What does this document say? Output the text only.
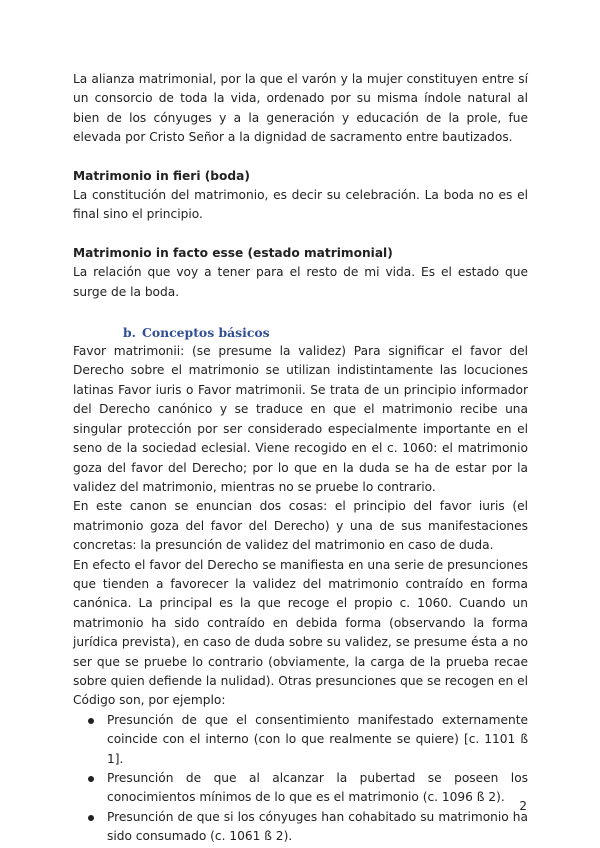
La alianza matrimonial, por la que el varón y la mujer constituyen entre sí un consorcio de toda la vida, ordenado por su misma índole natural al bien de los cónyuges y a la generación y educación de la prole, fue elevada por Cristo Señor a la dignidad de sacramento entre bautizados.

Matrimonio in fieri (boda)

La constitución del matrimonio, es decir su celebración. La boda no es el final sino el principio.

Matrimonio in facto esse (estado matrimonial)

La relación que voy a tener para el resto de mi vida. Es el estado que surge de la boda.

b. Conceptos básicos

Favor matrimonii: (se presume la validez) Para significar el favor del Derecho sobre el matrimonio se utilizan indistintamente las locuciones latinas Favor iuris o Favor matrimonii. Se trata de un principio informador del Derecho canónico y se traduce en que el matrimonio recibe una singular protección por ser considerado especialmente importante en el seno de la sociedad eclesial. Viene recogido en el c. 1060: el matrimonio goza del favor del Derecho; por lo que en la duda se ha de estar por la validez del matrimonio, mientras no se pruebe lo contrario.

En este canon se enuncian dos cosas: el principio del favor iuris (el matrimonio goza del favor del Derecho) y una de sus manifestaciones concretas: la presunción de validez del matrimonio en caso de duda.

En efecto el favor del Derecho se manifiesta en una serie de presunciones que tienden a favorecer la validez del matrimonio contraído en forma canónica. La principal es la que recoge el propio c. 1060. Cuando un matrimonio ha sido contraído en debida forma (observando la forma jurídica prevista), en caso de duda sobre su validez, se presume ésta a no ser que se pruebe lo contrario (obviamente, la carga de la prueba recae sobre quien defiende la nulidad). Otras presunciones que se recogen en el Código son, por ejemplo:

Presunción de que el consentimiento manifestado externamente coincide con el interno (con lo que realmente se quiere) [c. 1101 ß 1].
Presunción de que al alcanzar la pubertad se poseen los conocimientos mínimos de lo que es el matrimonio (c. 1096 ß 2).
Presunción de que si los cónyuges han cohabitado su matrimonio ha sido consumado (c. 1061 ß 2).
2
